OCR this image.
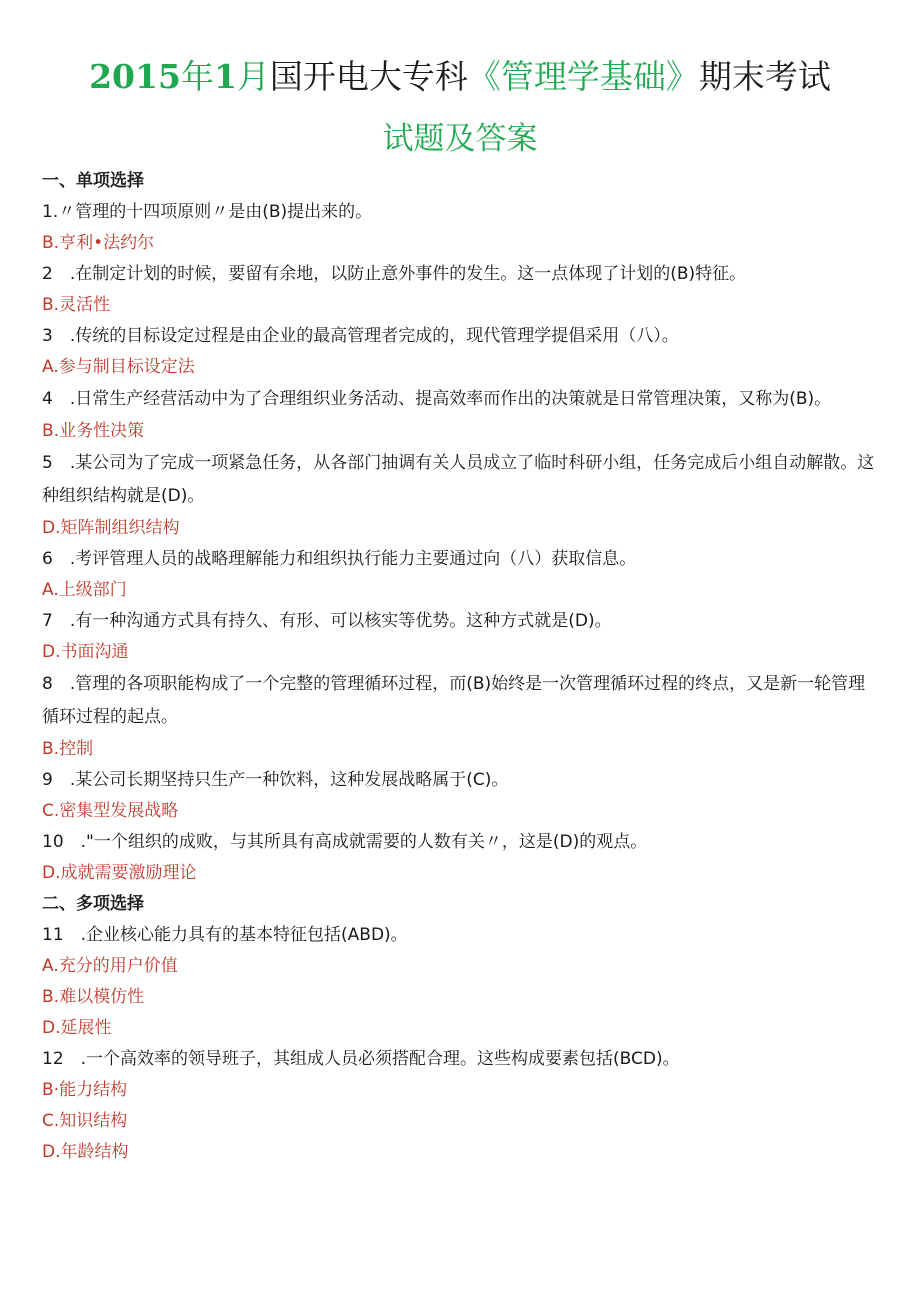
2015年1月国开电大专科《管理学基础》期末考试
试题及答案
一、单项选择
1.〃管理的十四项原则〃是由(B)提出来的。
B.亨利•法约尔
2　.在制定计划的时候，要留有余地，以防止意外事件的发生。这一点体现了计划的(B)特征。
B.灵活性
3　.传统的目标设定过程是由企业的最高管理者完成的，现代管理学提倡采用（八）。
A.参与制目标设定法
4　.日常生产经营活动中为了合理组织业务活动、提高效率而作出的决策就是日常管理决策，又称为(B)。
B.业务性决策
5　.某公司为了完成一项紧急任务，从各部门抽调有关人员成立了临时科研小组，任务完成后小组自动解散。这种组织结构就是(D)。
D.矩阵制组织结构
6　.考评管理人员的战略理解能力和组织执行能力主要通过向（八）获取信息。
A.上级部门
7　.有一种沟通方式具有持久、有形、可以核实等优势。这种方式就是(D)。
D.书面沟通
8　.管理的各项职能构成了一个完整的管理循环过程，而(B)始终是一次管理循环过程的终点，又是新一轮管理循环过程的起点。
B.控制
9　.某公司长期坚持只生产一种饮料，这种发展战略属于(C)。
C.密集型发展战略
10　."一个组织的成败，与其所具有高成就需要的人数有关〃，这是(D)的观点。
D.成就需要激励理论
二、多项选择
11　.企业核心能力具有的基本特征包括(ABD)。
A.充分的用户价值
B.难以模仿性
D.延展性
12　.一个高效率的领导班子，其组成人员必须搭配合理。这些构成要素包括(BCD)。
B·能力结构
C.知识结构
D.年龄结构
